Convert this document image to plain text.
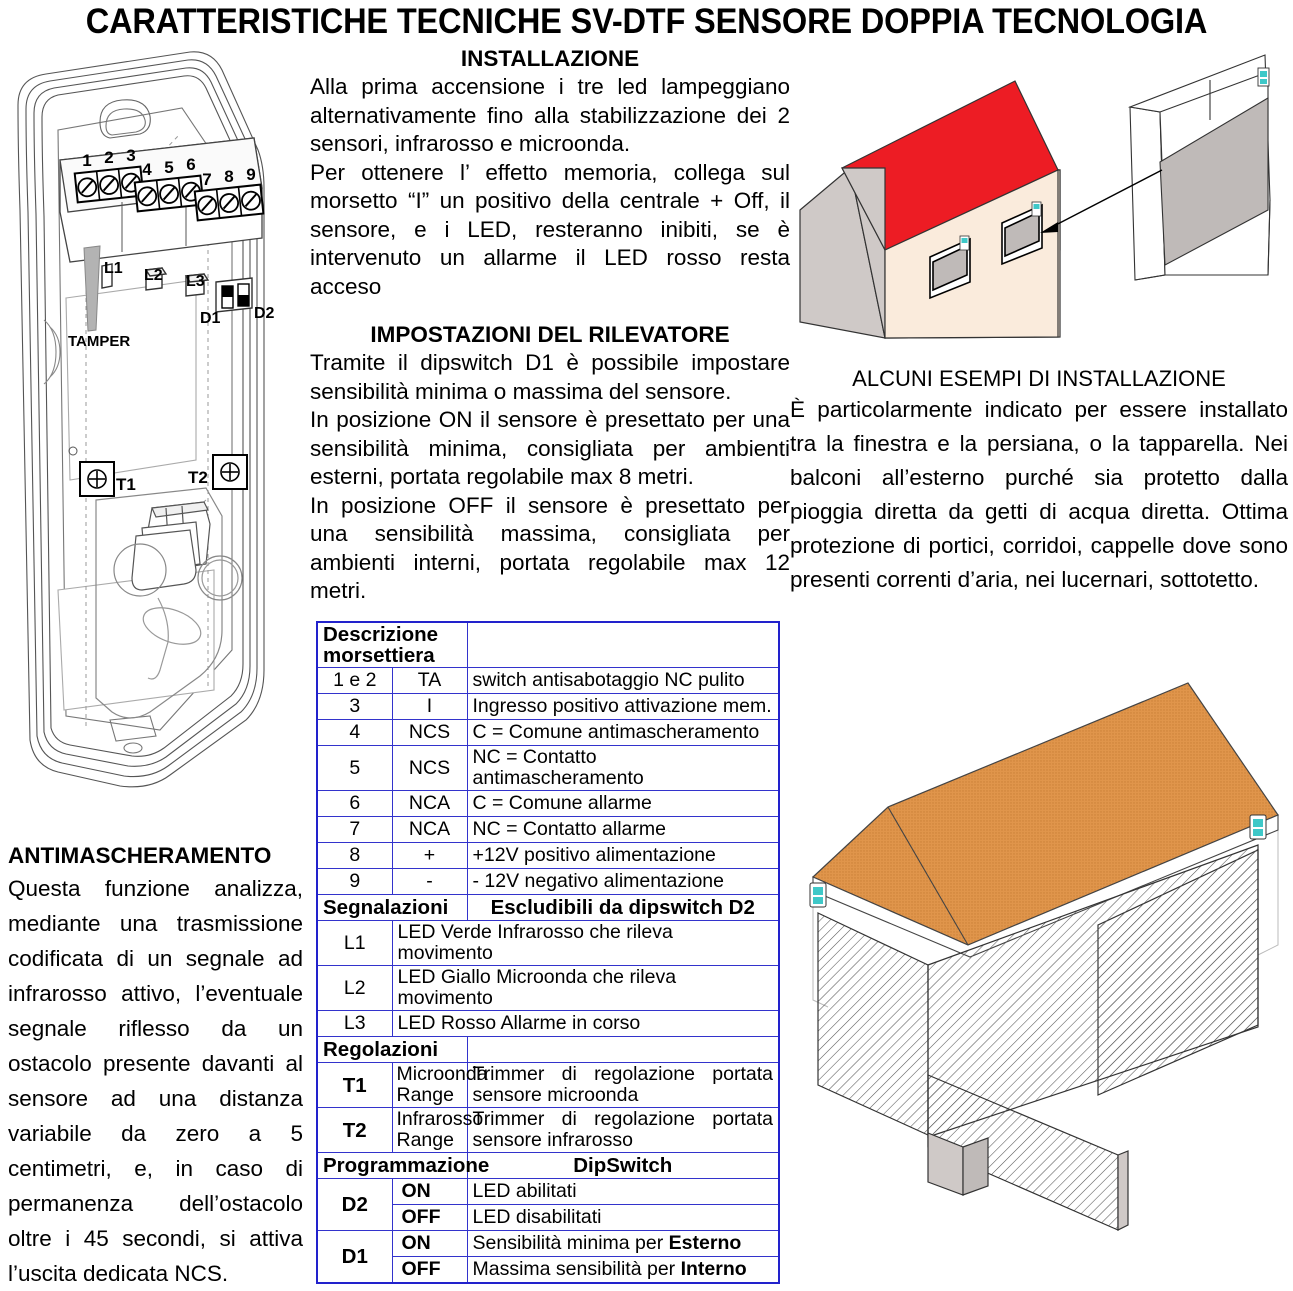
CARATTERISTICHE TECNICHE SV-DTF SENSORE DOPPIA TECNOLOGIA
1 2 3
4 5 6
7 8 9
L1 L2 L3
D1 D2
TAMPER
T1	T2
INSTALLAZIONE

Alla prima accensione i tre led lampeggiano alternativamente fino alla stabilizzazione dei 2 sensori, infrarosso e microonda.

Per ottenere l’ effetto memoria, collega sul morsetto “I” un positivo della centrale + Off, il sensore, e i LED, resteranno inibiti, se è intervenuto un allarme il LED rosso resta acceso

IMPOSTAZIONI DEL RILEVATORE

Tramite il dipswitch D1 è possibile impostare sensibilità minima o massima del sensore.

In posizione ON il sensore è presettato per una sensibilità minima, consigliata per ambienti esterni, portata regolabile max 8 metri.

In posizione OFF il sensore è presettato per una sensibilità massima, consigliata per ambienti interni, portata regolabile max 12 metri.

ALCUNI ESEMPI DI INSTALLAZIONE

È particolarmente indicato per essere installato tra la finestra e la persiana, o la tapparella. Nei balconi all’esterno purché sia protetto dalla pioggia diretta da getti di acqua diretta. Ottima protezione di portici, corridoi, cappelle dove sono presenti correnti d’aria, nei lucernari, sottotetto.

ANTIMASCHERAMENTO

Questa funzione analizza, mediante una trasmissione codificata di un segnale ad infrarosso attivo, l’eventuale segnale riflesso da un ostacolo presente davanti al sensore ad una distanza variabile da zero a 5 centimetri, e, in caso di permanenza dell’ostacolo oltre i 45 secondi, si attiva l’uscita dedicata NCS.

Descrizione morsettiera		
1 e 2	TA	switch antisabotaggio NC pulito
3	I	Ingresso positivo attivazione mem.
4	NCS	C = Comune antimascheramento
5	NCS	NC = Contatto antimascheramento
6	NCA	C = Comune allarme
7	NCA	NC = Contatto allarme
8	+	+12V positivo alimentazione
9	-	- 12V negativo alimentazione
Segnalazioni		Escludibili da dipswitch D2
L1	LED Verde Infrarosso che rileva movimento	
L2	LED Giallo Microonda che rileva movimento	
L3	LED Rosso Allarme in corso	
Regolazioni		
T1	Microonda Range	Trimmer di regolazione portata sensore microonda
T2	Infrarosso Range	Trimmer di regolazione portata sensore infrarosso
Programmazione		DipSwitch
D2	ON	LED abilitati
	OFF	LED disabilitati
D1	ON	Sensibilità minima per Esterno
	OFF	Massima sensibilità per Interno
